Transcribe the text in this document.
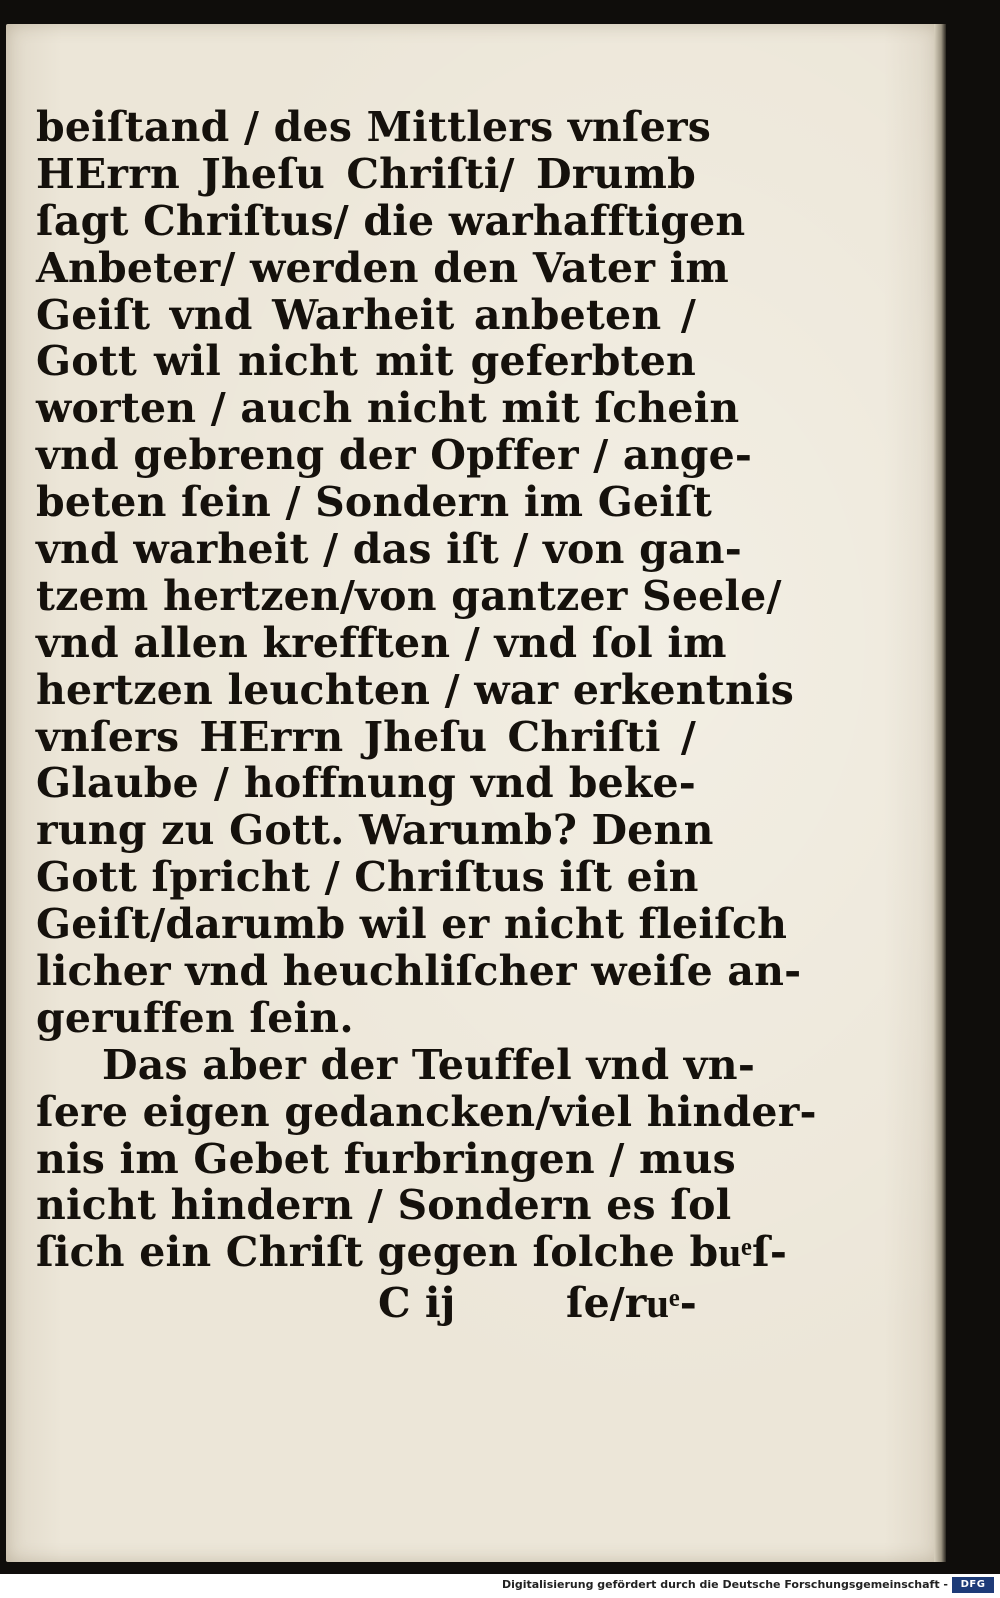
beiſtand / des Mittlers vnſers
HErrn Jheſu Chriſti/ Drumb
ſagt Chriſtus/ die warhafftigen
Anbeter/ werden den Vater im
Geiſt vnd Warheit anbeten /
Gott wil nicht mit geferbten
worten / auch nicht mit ſchein
vnd gebreng der Opffer / ange-
beten ſein / Sondern im Geiſt
vnd warheit / das iſt / von gan-
tzem hertzen/von gantzer Seele/
vnd allen krefften / vnd ſol im
hertzen leuchten / war erkentnis
vnſers HErrn Jheſu Chriſti /
Glaube / hoffnung vnd beke-
rung zu Gott. Warumb? Denn
Gott ſpricht / Chriſtus iſt ein
Geiſt/darumb wil er nicht fleiſch
licher vnd heuchliſcher weiſe an-
geruffen ſein.
Das aber der Teuffel vnd vn-
ſere eigen gedancken/viel hinder-
nis im Gebet furbringen / mus
nicht hindern / Sondern es ſol
ſich ein Chriſt gegen ſolche buͤſ-
C ij	ſe/ruͤ-
Digitalisierung gefördert durch die Deutsche Forschungsgemeinschaft -	DFG
